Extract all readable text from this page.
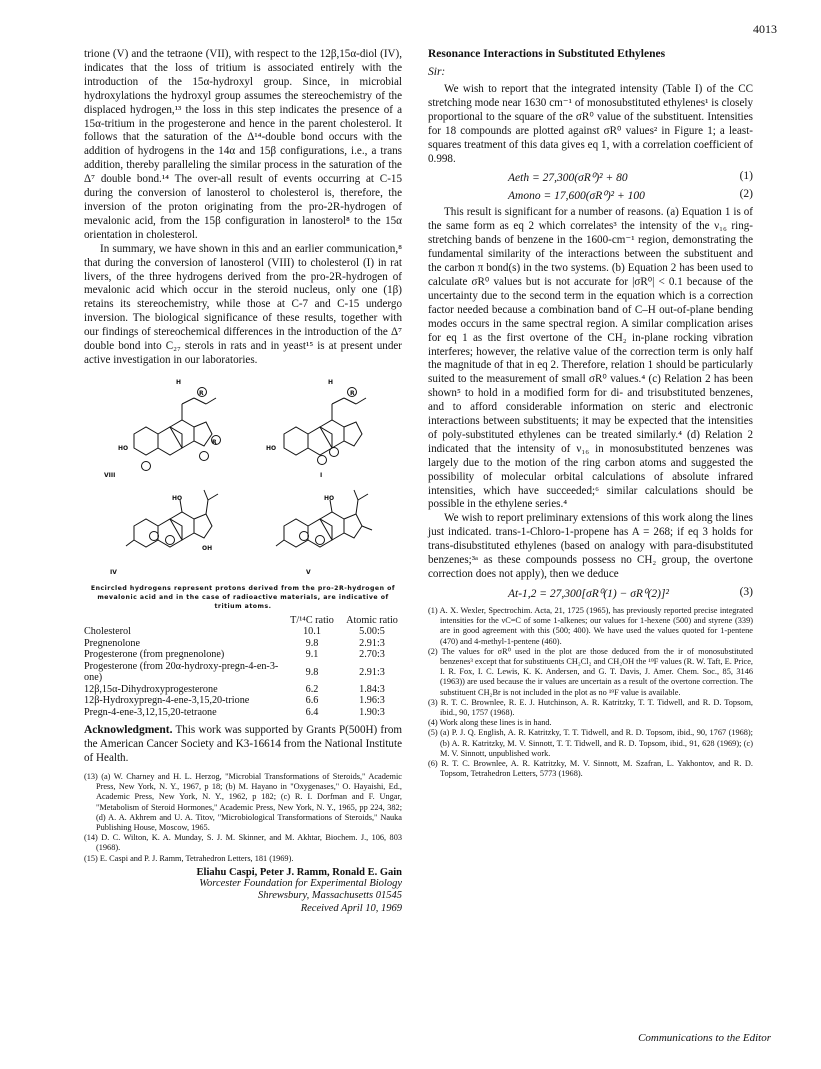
4013

trione (V) and the tetraone (VII), with respect to the 12β,15α-diol (IV), indicates that the loss of tritium is associated entirely with the introduction of the 15α-hydroxyl group. Since, in microbial hydroxylations the hydroxyl group assumes the stereochemistry of the displaced hydrogen,¹³ the loss in this step indicates the presence of a 15α-tritium in the progesterone and hence in the parent cholesterol. It follows that the saturation of the Δ¹⁴-double bond occurs with the addition of hydrogens in the 14α and 15β configurations, i.e., a trans addition, thereby paralleling the similar process in the saturation of the Δ⁷ double bond.¹⁴ The over-all result of events occurring at C-15 during the conversion of lanosterol to cholesterol is, therefore, the inversion of the proton originating from the pro-2R-hydrogen of mevalonic acid, from the 15β configuration in lanosterol⁸ to the 15α orientation in cholesterol.

In summary, we have shown in this and an earlier communication,⁸ that during the conversion of lanosterol (VIII) to cholesterol (I) in rat livers, of the three hydrogens derived from the pro-2R-hydrogen of mevalonic acid which occur in the steroid nucleus, only one (1β) retains its stereochemistry, while those at C-7 and C-15 undergo inversion. The biological significance of these results, together with our findings of stereochemical differences in the introduction of the Δ⁷ double bond into C₂₇ sterols in rats and in yeast¹⁵ is at present under active investigation in our laboratories.

H
R
HO
R
VIII
H
R
HO
I
HO
OH
IV
HO
V
Encircled hydrogens represent protons derived from the pro-2R-hydrogen of mevalonic acid and in the case of radioactive materials, are indicative of tritium atoms.
	T/¹⁴C ratio	Atomic ratio
Cholesterol	10.1	5.00:5
Pregnenolone	9.8	2.91:3
Progesterone (from pregnenolone)	9.1	2.70:3
Progesterone (from 20α-hydroxy-pregn-4-en-3-one)	9.8	2.91:3
12β,15α-Dihydroxyprogesterone	6.2	1.84:3
12β-Hydroxypregn-4-ene-3,15,20-trione	6.6	1.96:3
Pregn-4-ene-3,12,15,20-tetraone	6.4	1.90:3

Acknowledgment. This work was supported by Grants P(500H) from the American Cancer Society and K3-16614 from the National Institute of Health.

(13) (a) W. Charney and H. L. Herzog, "Microbial Transformations of Steroids," Academic Press, New York, N. Y., 1967, p 18; (b) M. Hayano in "Oxygenases," O. Hayaishi, Ed., Academic Press, New York, N. Y., 1962, p 182; (c) R. I. Dorfman and F. Ungar, "Metabolism of Steroid Hormones," Academic Press, New York, N. Y., 1965, pp 224, 382; (d) A. A. Akhrem and U. A. Titov, "Microbiological Transformations of Steroids," Nauka Publishing House, Moscow, 1965.
(14) D. C. Wilton, K. A. Munday, S. J. M. Skinner, and M. Akhtar, Biochem. J., 106, 803 (1968).
(15) E. Caspi and P. J. Ramm, Tetrahedron Letters, 181 (1969).
Eliahu Caspi, Peter J. Ramm, Ronald E. Gain
Worcester Foundation for Experimental Biology
Shrewsbury, Massachusetts 01545
Received April 10, 1969
Resonance Interactions in Substituted Ethylenes
Sir:

We wish to report that the integrated intensity (Table I) of the CC stretching mode near 1630 cm⁻¹ of monosubstituted ethylenes¹ is closely proportional to the square of the σR⁰ value of the substituent. Intensities for 18 compounds are plotted against σR⁰ values² in Figure 1; a least-squares treatment of this data gives eq 1, with a correlation coefficient of 0.998.

Aeth = 27,300(σR⁰)² + 80	(1)
Amono = 17,600(σR⁰)² + 100	(2)

This result is significant for a number of reasons. (a) Equation 1 is of the same form as eq 2 which correlates³ the intensity of the ν₁₆ ring-stretching bands of benzene in the 1600-cm⁻¹ region, demonstrating the fundamental similarity of the interactions between the substituent and the carbon π bond(s) in the two systems. (b) Equation 2 has been used to calculate σR⁰ values but is not accurate for |σR⁰| < 0.1 because of the uncertainty due to the second term in the equation which is a correction factor needed because a combination band of C–H out-of-plane bending modes occurs in the same spectral region. A similar complication arises for eq 1 as the first overtone of the CH₂ in-plane rocking vibration interferes; however, the relative value of the correction term is only half the magnitude of that in eq 2. Therefore, relation 1 should be particularly suited to the measurement of small σR⁰ values.⁴ (c) Relation 2 has been shown⁵ to hold in a modified form for di- and trisubstituted benzenes, and to afford considerable information on steric and electronic interactions between substituents; it may be expected that the intensities of poly-substituted ethylenes can be treated similarly.⁴ (d) Relation 2 indicated that the intensity of ν₁₆ in monosubstituted benzenes was largely due to the motion of the ring carbon atoms and suggested the possibility of molecular orbital calculations of absolute infrared intensities, which have succeeded;⁶ similar calculations should be possible in the ethylene series.⁴

We wish to report preliminary extensions of this work along the lines just indicated. trans-1-Chloro-1-propene has A = 268; if eq 3 holds for trans-disubstituted ethylenes (based on analogy with para-disubstituted benzenes;³ᵃ as these compounds possess no CH₂ group, the overtone correction does not apply), then we deduce

At-1,2 = 27,300[σR⁰(1) − σR⁰(2)]²	(3)
(1) A. X. Wexler, Spectrochim. Acta, 21, 1725 (1965), has previously reported precise integrated intensities for the νC=C of some 1-alkenes; our values for 1-hexene (500) and styrene (339) are in good agreement with this (500; 400). We have used the values quoted for 1-pentene (470) and 4-methyl-1-pentene (460).
(2) The values for σR⁰ used in the plot are those deduced from the ir of monosubstituted benzenes³ except that for substituents CH₂Cl₂ and CH₂OH the ¹⁹F values (R. W. Taft, E. Price, I. R. Fox, I. C. Lewis, K. K. Andersen, and G. T. Davis, J. Amer. Chem. Soc., 85, 3146 (1963)) are used because the ir values are uncertain as a result of the overtone correction. The substituent CH₂Br is not included in the plot as no ¹⁹F value is available.
(3) R. T. C. Brownlee, R. E. J. Hutchinson, A. R. Katritzky, T. T. Tidwell, and R. D. Topsom, ibid., 90, 1757 (1968).
(4) Work along these lines is in hand.
(5) (a) P. J. Q. English, A. R. Katritzky, T. T. Tidwell, and R. D. Topsom, ibid., 90, 1767 (1968); (b) A. R. Katritzky, M. V. Sinnott, T. T. Tidwell, and R. D. Topsom, ibid., 91, 628 (1969); (c) M. V. Sinnott, unpublished work.
(6) R. T. C. Brownlee, A. R. Katritzky, M. V. Sinnott, M. Szafran, L. Yakhontov, and R. D. Topsom, Tetrahedron Letters, 5773 (1968).
Communications to the Editor
